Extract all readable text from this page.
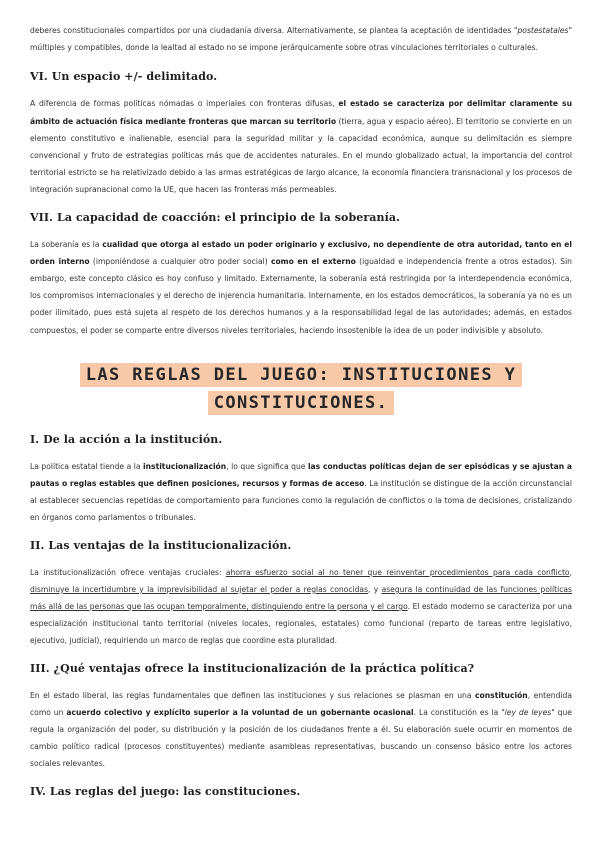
deberes constitucionales compartidos por una ciudadanía diversa. Alternativamente, se plantea la aceptación de identidades "postestatales" múltiples y compatibles, donde la lealtad al estado no se impone jerárquicamente sobre otras vinculaciones territoriales o culturales.

VI. Un espacio +/- delimitado.

A diferencia de formas políticas nómadas o imperiales con fronteras difusas, el estado se caracteriza por delimitar claramente su ámbito de actuación física mediante fronteras que marcan su territorio (tierra, agua y espacio aéreo). El territorio se convierte en un elemento constitutivo e inalienable, esencial para la seguridad militar y la capacidad económica, aunque su delimitación es siempre convencional y fruto de estrategias políticas más que de accidentes naturales. En el mundo globalizado actual, la importancia del control territorial estricto se ha relativizado debido a las armas estratégicas de largo alcance, la economía financiera transnacional y los procesos de integración supranacional como la UE, que hacen las fronteras más permeables.

VII. La capacidad de coacción: el principio de la soberanía.

La soberanía es la cualidad que otorga al estado un poder originario y exclusivo, no dependiente de otra autoridad, tanto en el orden interno (imponiéndose a cualquier otro poder social) como en el externo (igualdad e independencia frente a otros estados). Sin embargo, este concepto clásico es hoy confuso y limitado. Externamente, la soberanía está restringida por la interdependencia económica, los compromisos internacionales y el derecho de injerencia humanitaria. Internamente, en los estados democráticos, la soberanía ya no es un poder ilimitado, pues está sujeta al respeto de los derechos humanos y a la responsabilidad legal de las autoridades; además, en estados compuestos, el poder se comparte entre diversos niveles territoriales, haciendo insostenible la idea de un poder indivisible y absoluto.

LAS REGLAS DEL JUEGO: INSTITUCIONES Y CONSTITUCIONES.
I. De la acción a la institución.

La política estatal tiende a la institucionalización, lo que significa que las conductas políticas dejan de ser episódicas y se ajustan a pautas o reglas estables que definen posiciones, recursos y formas de acceso. La institución se distingue de la acción circunstancial al establecer secuencias repetidas de comportamiento para funciones como la regulación de conflictos o la toma de decisiones, cristalizando en órganos como parlamentos o tribunales.

II. Las ventajas de la institucionalización.

La institucionalización ofrece ventajas cruciales: ahorra esfuerzo social al no tener que reinventar procedimientos para cada conflicto, disminuye la incertidumbre y la imprevisibilidad al sujetar el poder a reglas conocidas, y asegura la continuidad de las funciones políticas más allá de las personas que las ocupan temporalmente, distinguiendo entre la persona y el cargo. El estado moderno se caracteriza por una especialización institucional tanto territorial (niveles locales, regionales, estatales) como funcional (reparto de tareas entre legislativo, ejecutivo, judicial), requiriendo un marco de reglas que coordine esta pluralidad.

III. ¿Qué ventajas ofrece la institucionalización de la práctica política?

En el estado liberal, las reglas fundamentales que definen las instituciones y sus relaciones se plasman en una constitución, entendida como un acuerdo colectivo y explícito superior a la voluntad de un gobernante ocasional. La constitución es la "ley de leyes" que regula la organización del poder, su distribución y la posición de los ciudadanos frente a él. Su elaboración suele ocurrir en momentos de cambio político radical (procesos constituyentes) mediante asambleas representativas, buscando un consenso básico entre los actores sociales relevantes.

IV. Las reglas del juego: las constituciones.
